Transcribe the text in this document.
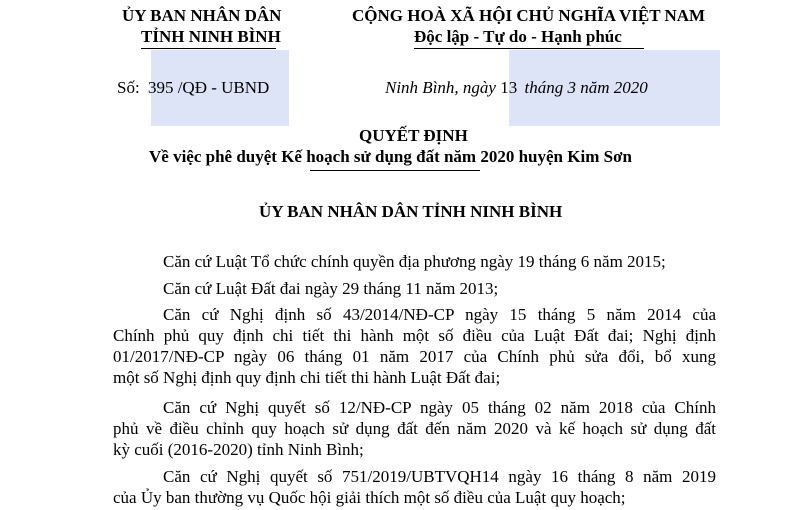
ỦY BAN NHÂN DÂN
TỈNH NINH BÌNH
CỘNG HOÀ XÃ HỘI CHỦ NGHĨA VIỆT NAM
Độc lập - Tự do - Hạnh phúc
Số: 395 /QĐ - UBND	Ninh Bình, ngày 13 tháng 3 năm 2020
QUYẾT ĐỊNH
Về việc phê duyệt Kế hoạch sử dụng đất năm 2020 huyện Kim Sơn
ỦY BAN NHÂN DÂN TỈNH NINH BÌNH
Căn cứ Luật Tổ chức chính quyền địa phương ngày 19 tháng 6 năm 2015;
Căn cứ Luật Đất đai ngày 29 tháng 11 năm 2013;
Căn cứ Nghị định số 43/2014/NĐ-CP ngày 15 tháng 5 năm 2014 của
Chính phủ quy định chi tiết thi hành một số điều của Luật Đất đai; Nghị định
01/2017/NĐ-CP ngày 06 tháng 01 năm 2017 của Chính phủ sửa đổi, bổ xung
một số Nghị định quy định chi tiết thi hành Luật Đất đai;
Căn cứ Nghị quyết số 12/NĐ-CP ngày 05 tháng 02 năm 2018 của Chính
phủ về điều chỉnh quy hoạch sử dụng đất đến năm 2020 và kế hoạch sử dụng đất
kỳ cuối (2016-2020) tỉnh Ninh Bình;
Căn cứ Nghị quyết số 751/2019/UBTVQH14 ngày 16 tháng 8 năm 2019
của Ủy ban thường vụ Quốc hội giải thích một số điều của Luật quy hoạch;
